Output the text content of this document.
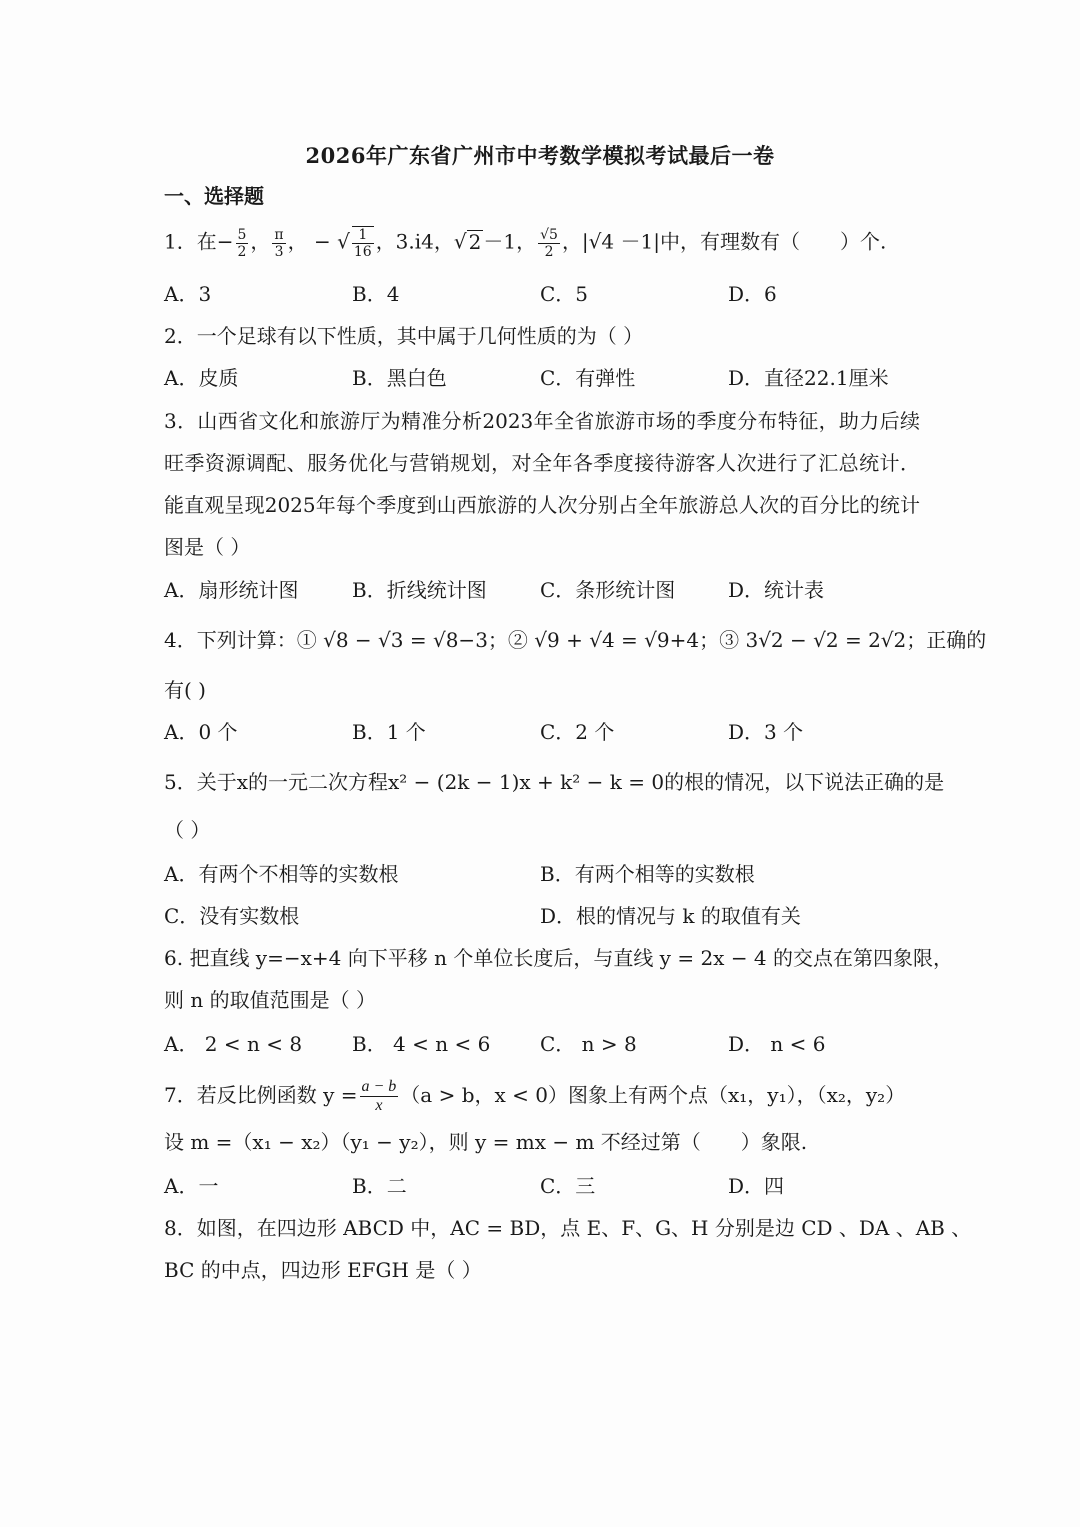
2026年广东省广州市中考数学模拟考试最后一卷
一、选择题
1．在− $\frac{5}{2}$ ， $\frac{\pi}{3}$ ， − √ $\frac{1}{16}$ ，3.i4，√ 2 －1， $\frac{√5}{2}$ ，|√4 －1|中，有理数有（　　）个.
A．3	B．4	C．5	D．6
2．一个足球有以下性质，其中属于几何性质的为（ ）
A．皮质	B．黑白色	C．有弹性	D．直径22.1厘米
3．山西省文化和旅游厅为精准分析2023年全省旅游市场的季度分布特征，助力后续旺季资源调配、服务优化与营销规划，对全年各季度接待游客人次进行了汇总统计．能直观呈现2025年每个季度到山西旅游的人次分别占全年旅游总人次的百分比的统计图是（ ）
A．扇形统计图	B．折线统计图	C．条形统计图	D．统计表
4．下列计算：① √8 − √3 = √8−3；② √9 + √4 = √9+4；③ 3√2 − √2 = 2√2；正确的
有( )
A．0 个	B．1 个	C．2 个	D．3 个
5．关于x的一元二次方程x² − (2k − 1)x + k² − k = 0的根的情况，以下说法正确的是
（ ）
A．有两个不相等的实数根	B．有两个相等的实数根
C．没有实数根	D．根的情况与 k 的取值有关
6. 把直线 y=−x+4 向下平移 n 个单位长度后，与直线 y = 2x − 4 的交点在第四象限，
则 n 的取值范围是（ ）
A． 2 < n < 8 B． 4 < n < 6 C． n > 8	D． n < 6
7．若反比例函数 $y = \frac{a - b}{x} (a > b$，x < 0）图象上有两个点（x₁，y₁），（x₂，y₂）
设 m =（x₁ − x₂）（y₁ − y₂），则 y = mx − m 不经过第（　　）象限.
A．一	B．二	C．三	D．四
8．如图，在四边形 ABCD 中，AC = BD，点 E、F、G、H 分别是边 CD 、DA 、AB 、
BC 的中点，四边形 EFGH 是（ ）
